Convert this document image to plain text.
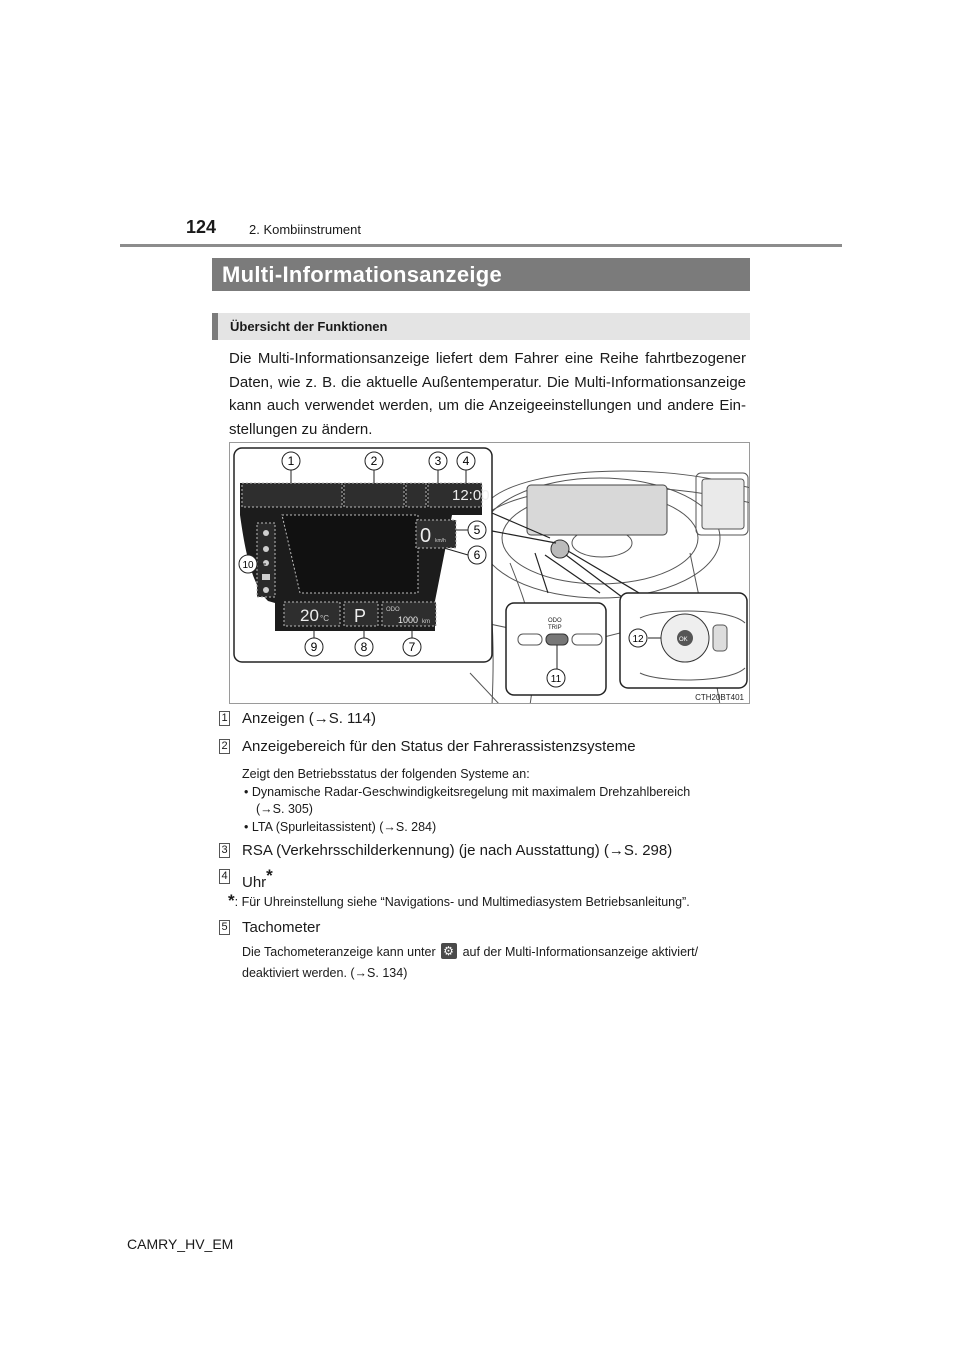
124	2. Kombiinstrument
Multi-Informationsanzeige
Übersicht der Funktionen

Die Multi-Informationsanzeige liefert dem Fahrer eine Reihe fahrtbezogener Daten, wie z. B. die aktuelle Außentemperatur. Die Multi-Informationsanzeige kann auch verwendet werden, um die Anzeigeeinstellungen und andere Ein-stellungen zu ändern.

12:00
0 km/h
20 °C P	ODO
1000 km	ODO
TRIP
OK
1	2	3 4
5
6
7
8
9
10
11
12
CTH20BT401
1 Anzeigen (→S. 114)
2 Anzeigebereich für den Status der Fahrerassistenzsysteme

Zeigt den Betriebsstatus der folgenden Systeme an:

• Dynamische Radar-Geschwindigkeitsregelung mit maximalem Drehzahlbereich
(→S. 305)
• LTA (Spurleitassistent) (→S. 284)
3 RSA (Verkehrsschilderkennung) (je nach Ausstattung) (→S. 298)
4 Uhr*
*: Für Uhreinstellung siehe “Navigations- und Multimediasystem Betriebsanleitung”.
5 Tachometer
Die Tachometeranzeige kann unter ⚙ auf der Multi-Informationsanzeige aktiviert/
deaktiviert werden. (→S. 134)
CAMRY_HV_EM
